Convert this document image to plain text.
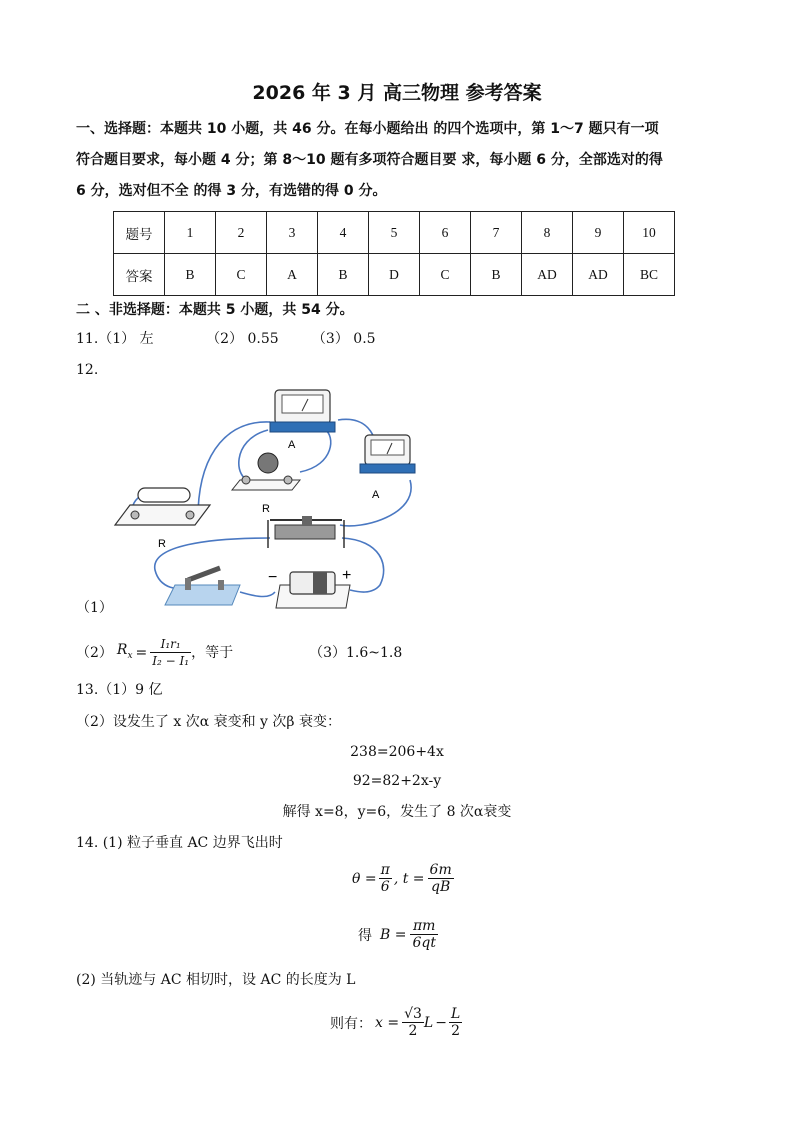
2026 年 3 月 高三物理 参考答案
一、选择题：本题共 10 小题，共 46 分。在每小题给出 的四个选项中，第 1～7 题只有一项
符合题目要求，每小题 4 分；第 8～10 题有多项符合题目要 求，每小题 6 分，全部选对的得
6 分，选对但不全 的得 3 分，有选错的得 0 分。
题号	1	2	3	4	5	6	7	8	9	10
答案	B	C	A	B	D	C	B	AD	AD	BC
二 、非选择题：本题共 5 小题，共 54 分。
11.（1） 左	（2） 0.55 （3） 0.5
12.
A
A
R
R
−	+
（1）
（2） $R_x = \frac{\text{I₁r₁}}{\text{I₂ − I₁}}$ ，等于	（3）1.6~1.8
13.（1）9 亿
（2）设发生了 x 次α 衰变和 y 次β 衰变：
238=206+4x
92=82+2x-y
解得 x=8，y=6，发生了 8 次α衰变
14. (1) 粒子垂直 AC 边界飞出时
$\theta = \frac{\pi}{6}$ , $t = \frac{6m}{qB}$
得 $B = \frac{\pi m}{6qt}$
(2) 当轨迹与 AC 相切时，设 AC 的长度为 L
则有： $x = \frac{√3}{2}$ $L - \frac{L}{2}$
